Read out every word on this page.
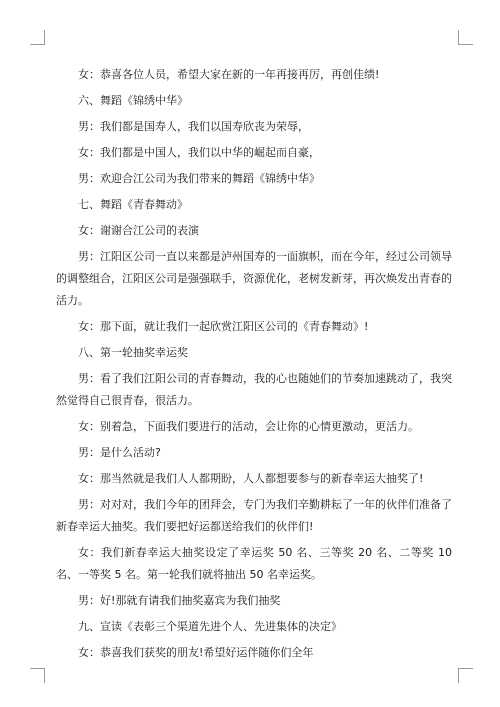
女：恭喜各位人员，希望大家在新的一年再接再厉，再创佳绩!

六、舞蹈《锦绣中华》

男：我们都是国寿人，我们以国寿欣丧为荣辱，

女：我们都是中国人，我们以中华的崛起而自豪，

男：欢迎合江公司为我们带来的舞蹈《锦绣中华》

七、舞蹈《青春舞动》

女：谢谢合江公司的表演

男：江阳区公司一直以来都是泸州国寿的一面旗帜，而在今年，经过公司领导的调整组合，江阳区公司是强强联手，资源优化，老树发新芽，再次焕发出青春的活力。

女：那下面，就让我们一起欣赏江阳区公司的《青春舞动》!

八、第一轮抽奖幸运奖

男：看了我们江阳公司的青春舞动，我的心也随她们的节奏加速跳动了，我突然觉得自己很青春，很活力。

女：别着急，下面我们要进行的活动，会让你的心情更激动，更活力。

男：是什么活动?

女：那当然就是我们人人都期盼，人人都想要参与的新春幸运大抽奖了!

男：对对对，我们今年的团拜会，专门为我们辛勤耕耘了一年的伙伴们准备了新春幸运大抽奖。我们要把好运都送给我们的伙伴们!

女：我们新春幸运大抽奖设定了幸运奖 50 名、三等奖 20 名、二等奖 10 名、一等奖 5 名。第一轮我们就将抽出 50 名幸运奖。

男：好!那就有请我们抽奖嘉宾为我们抽奖

九、宣读《表彰三个渠道先进个人、先进集体的决定》

女：恭喜我们获奖的朋友!希望好运伴随你们全年
